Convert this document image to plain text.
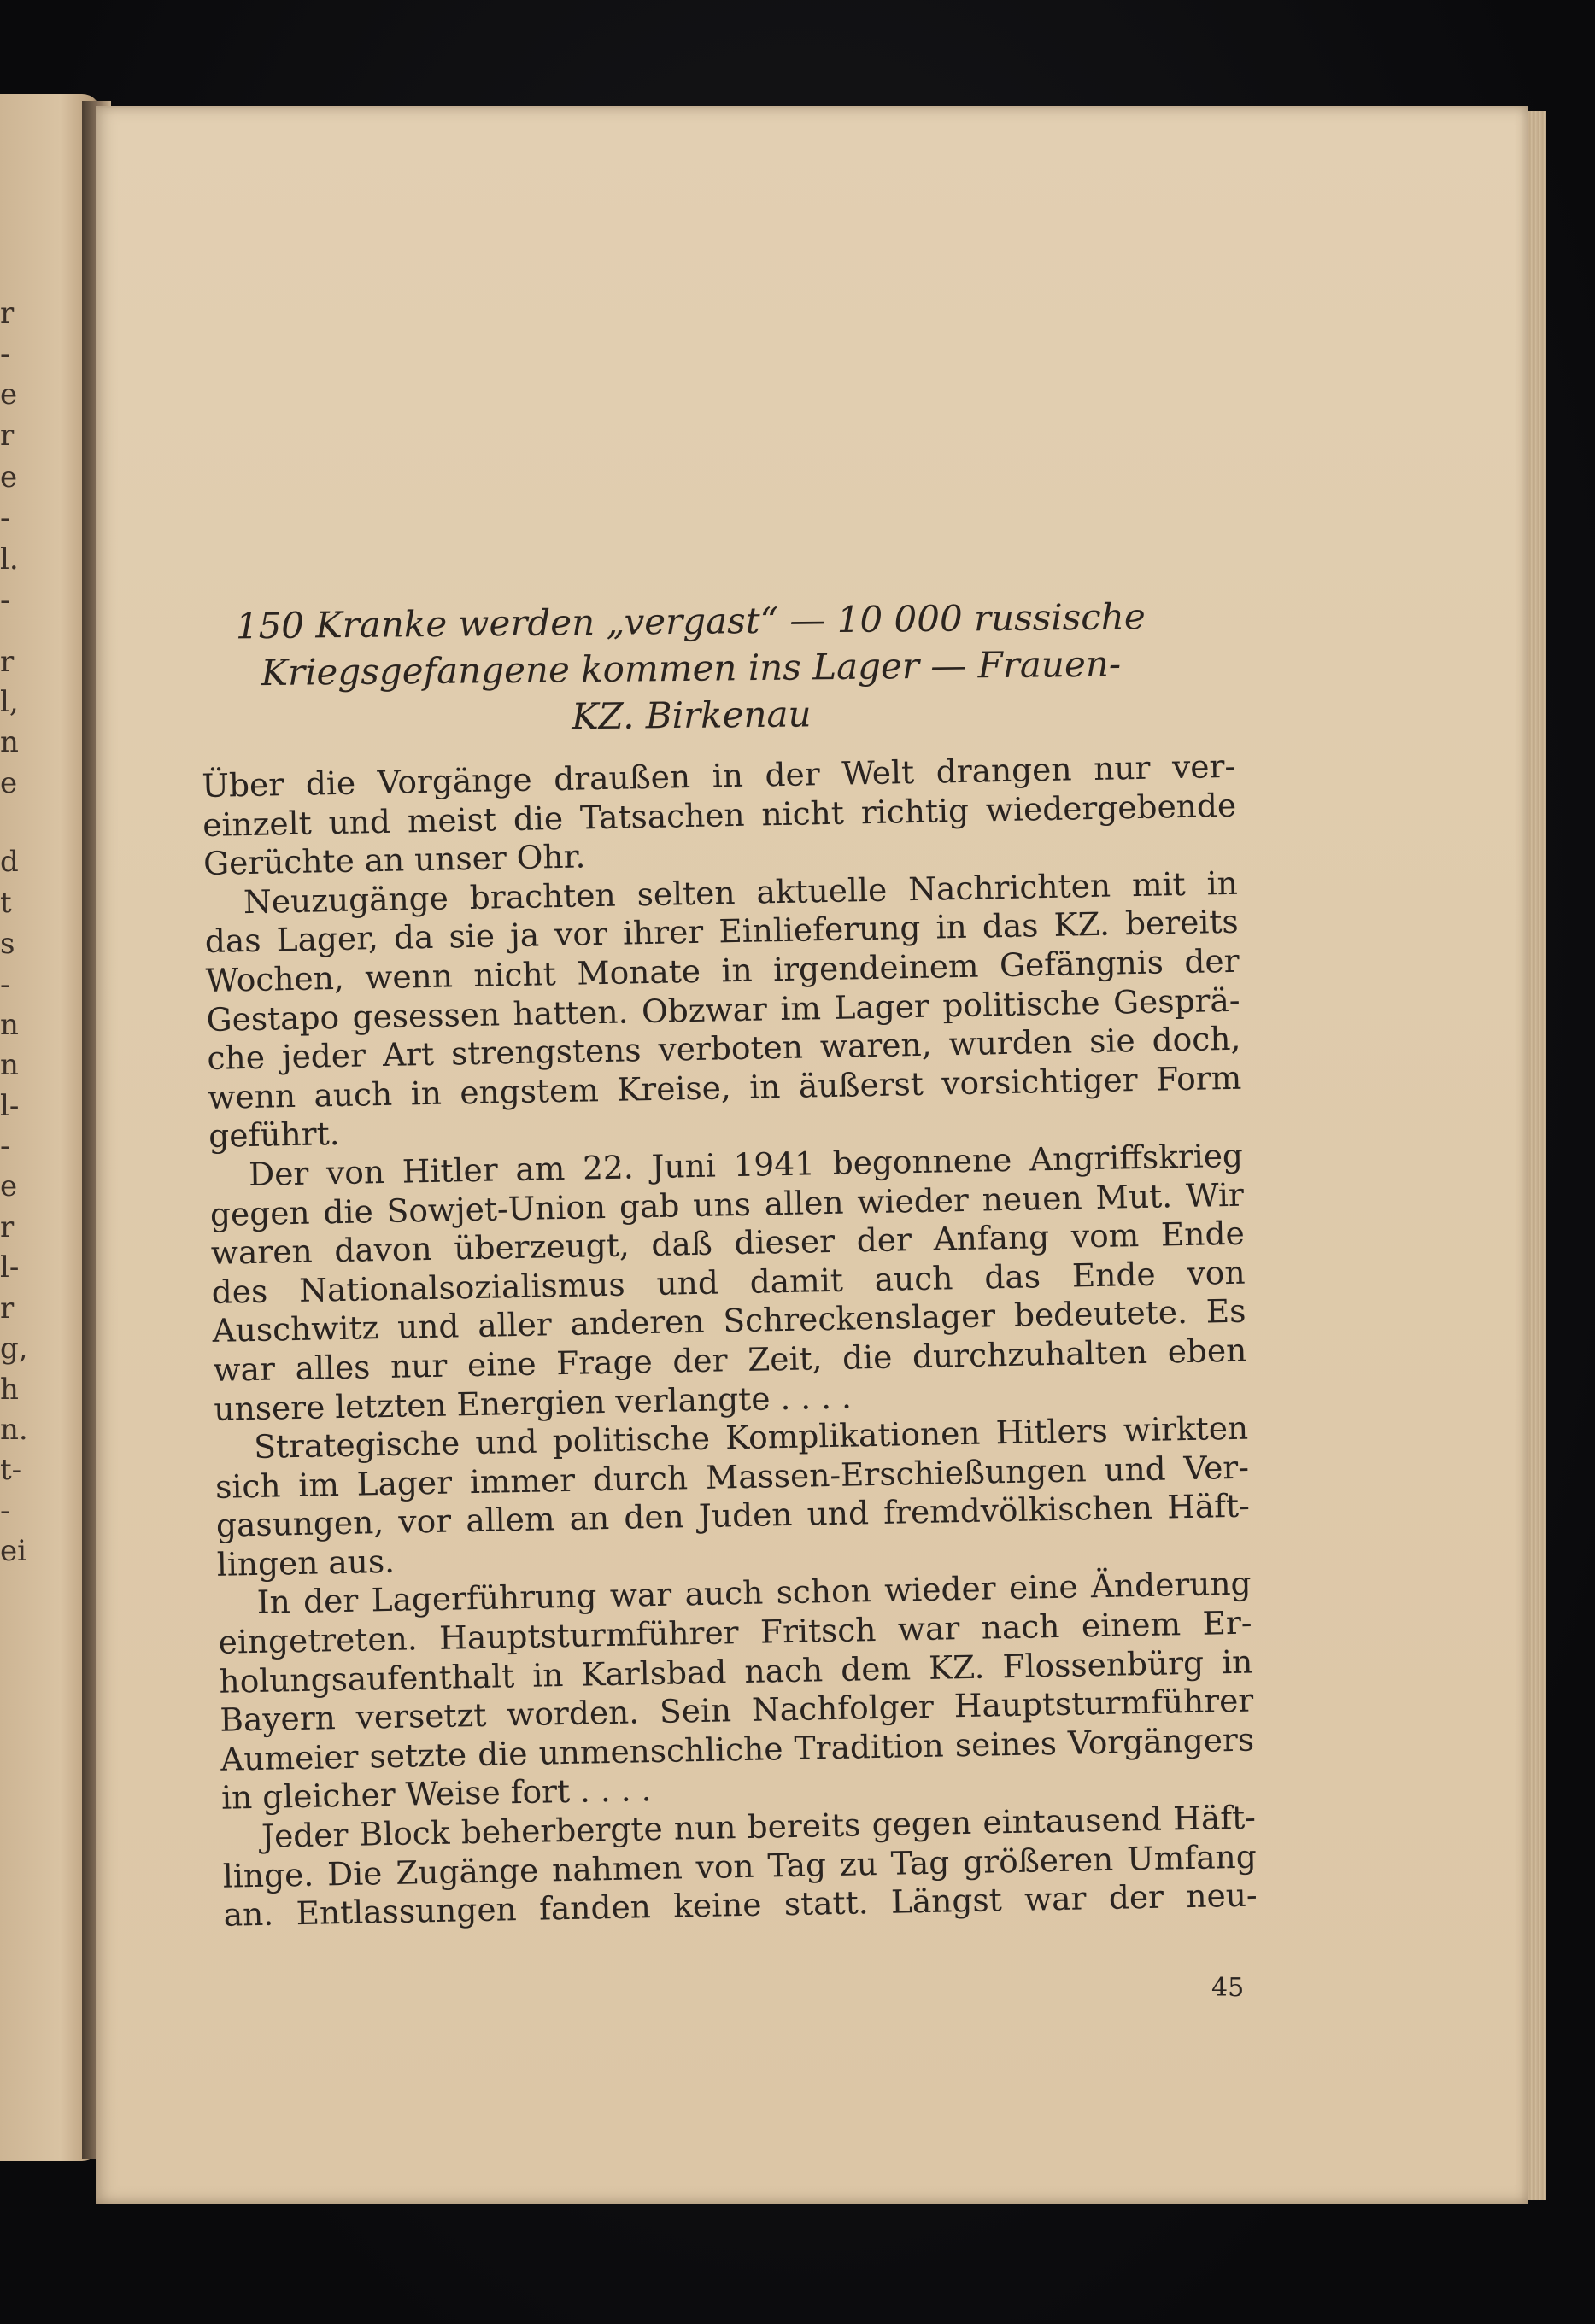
r
-
e
r
e
-
l.
-
r
l,
n
e
d
t
s
-
n
n
l-
-
e
r
l-
r
g,
h
n.
t-
-
ei
150 Kranke werden „vergast“ — 10 000 russische
Kriegsgefangene kommen ins Lager — Frauen-
KZ. Birkenau
Über die Vorgänge draußen in der Welt drangen nur ver-
einzelt und meist die Tatsachen nicht richtig wiedergebende
Gerüchte an unser Ohr.
Neuzugänge brachten selten aktuelle Nachrichten mit in
das Lager, da sie ja vor ihrer Einlieferung in das KZ. bereits
Wochen, wenn nicht Monate in irgendeinem Gefängnis der
Gestapo gesessen hatten. Obzwar im Lager politische Gesprä-
che jeder Art strengstens verboten waren, wurden sie doch,
wenn auch in engstem Kreise, in äußerst vorsichtiger Form
geführt.
Der von Hitler am 22. Juni 1941 begonnene Angriffskrieg
gegen die Sowjet-Union gab uns allen wieder neuen Mut. Wir
waren davon überzeugt, daß dieser der Anfang vom Ende
des Nationalsozialismus und damit auch das Ende von
Auschwitz und aller anderen Schreckenslager bedeutete. Es
war alles nur eine Frage der Zeit, die durchzuhalten eben
unsere letzten Energien verlangte . . . .
Strategische und politische Komplikationen Hitlers wirkten
sich im Lager immer durch Massen-Erschießungen und Ver-
gasungen, vor allem an den Juden und fremdvölkischen Häft-
lingen aus.
In der Lagerführung war auch schon wieder eine Änderung
eingetreten. Hauptsturmführer Fritsch war nach einem Er-
holungsaufenthalt in Karlsbad nach dem KZ. Flossenbürg in
Bayern versetzt worden. Sein Nachfolger Hauptsturmführer
Aumeier setzte die unmenschliche Tradition seines Vorgängers
in gleicher Weise fort . . . .
Jeder Block beherbergte nun bereits gegen eintausend Häft-
linge. Die Zugänge nahmen von Tag zu Tag größeren Umfang
an. Entlassungen fanden keine statt. Längst war der neu-
45
